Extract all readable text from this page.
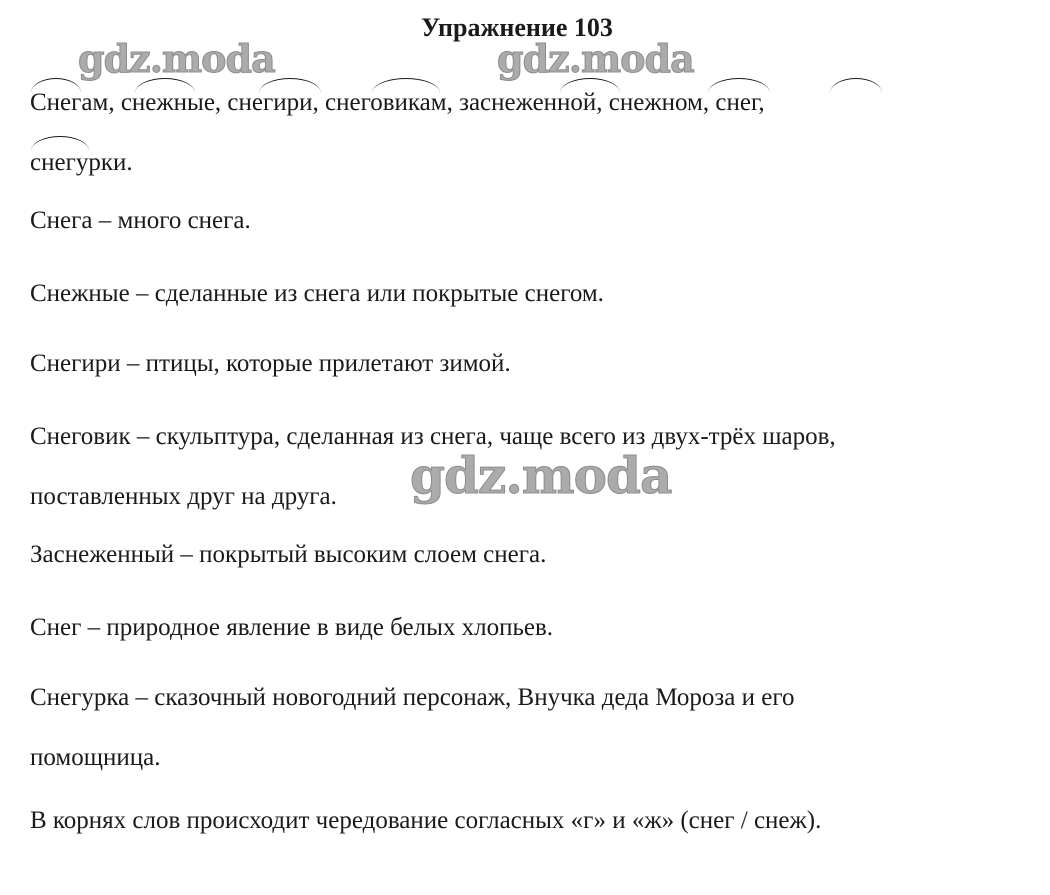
Упражнение 103
gdz.moda	gdz.moda
Снегам, снежные, снегири, снеговикам, заснеженной, снежном, снег,
снегурки.

Снега – много снега.

Снежные – сделанные из снега или покрытые снегом.

Снегири – птицы, которые прилетают зимой.

Снеговик – скульптура, сделанная из снега, чаще всего из двух-трёх шаров,
поставленных друг на друга.	gdz.moda

Заснеженный – покрытый высоким слоем снега.

Снег – природное явление в виде белых хлопьев.

Снегурка – сказочный новогодний персонаж, Внучка деда Мороза и его
помощница.

В корнях слов происходит чередование согласных «г» и «ж» (снег / снеж).
